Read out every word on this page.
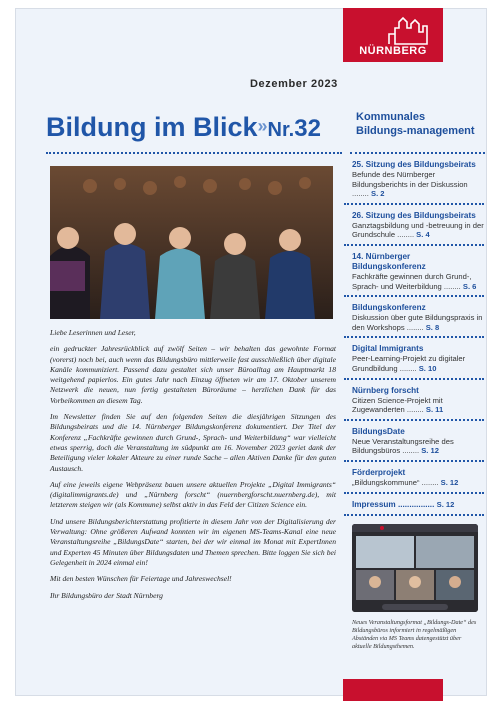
NÜRNBERG
Dezember 2023
Bildung im Blick»Nr.32	Kommunales Bildungs-management

Liebe Leserinnen und Leser,

ein gedruckter Jahresrückblick auf zwölf Seiten – wir behalten das gewohnte Format (vorerst) noch bei, auch wenn das Bildungsbüro mittlerweile fast ausschließlich über digitale Kanäle kommuniziert. Passend dazu gestaltet sich unser Büroalltag am Hauptmarkt 18 weitgehend papierlos. Ein gutes Jahr nach Einzug öffneten wir am 17. Oktober unserem Netzwerk die neuen, nun fertig gestalteten Büroräume – herzlichen Dank für das Vorbeikommen an diesem Tag.

Im Newsletter finden Sie auf den folgenden Seiten die diesjährigen Sitzungen des Bildungsbeirats und die 14. Nürnberger Bildungskonferenz dokumentiert. Der Titel der Konferenz „Fachkräfte gewinnen durch Grund-, Sprach- und Weiterbildung“ war vielleicht etwas sperrig, doch die Veranstaltung im südpunkt am 16. November 2023 geriet dank der Beteiligung vieler lokaler Akteure zu einer runde Sache – allen Aktiven Danke für den guten Austausch.

Auf eine jeweils eigene Webpräsenz bauen unsere aktuellen Projekte „Digital Immigrants“ (digitalimmigrants.de) und „Nürnberg forscht“ (nuernbergforscht.nuernberg.de), mit letzterem steigen wir (als Kommune) selbst aktiv in das Feld der Citizen Science ein.

Und unsere Bildungsberichterstattung profitierte in diesem Jahr von der Digitalisierung der Verwaltung: Ohne größeren Aufwand konnten wir im eigenen MS-Teams-Kanal eine neue Veranstaltungsreihe „BildungsDate“ starten, bei der wir einmal im Monat mit ExpertInnen und Experten 45 Minuten über Bildungsdaten und Themen sprechen. Bitte loggen Sie sich bei Gelegenheit in 2024 einmal ein!

Mit den besten Wünschen für Feiertage und Jahreswechsel!

Ihr Bildungsbüro der Stadt Nürnberg

25. Sitzung des Bildungsbeirats
Befunde des Nürnberger Bildungsberichts in der Diskussion ........ S. 2
26. Sitzung des Bildungsbeirats
Ganztagsbildung und -betreuung in der Grundschule ........ S. 4
14. Nürnberger Bildungskonferenz
Fachkräfte gewinnen durch Grund-, Sprach- und Weiterbildung ........ S. 6
Bildungskonferenz
Diskussion über gute Bildungspraxis in den Workshops ........ S. 8
Digital Immigrants
Peer-Learning-Projekt zu digitaler Grundbildung ........ S. 10
Nürnberg forscht
Citizen Science-Projekt mit Zugewanderten ........ S. 11
BildungsDate
Neue Veranstaltungsreihe des Bildungsbüros ........ S. 12
Förderprojekt
„Bildungskommune“ ........ S. 12
Impressum ................ S. 12
Neues Veranstaltungsformat „Bildungs-Date“ des Bildungsbüros informiert in regelmäßigen Abständen via MS Teams datengestützt über aktuelle Bildungsthemen.
